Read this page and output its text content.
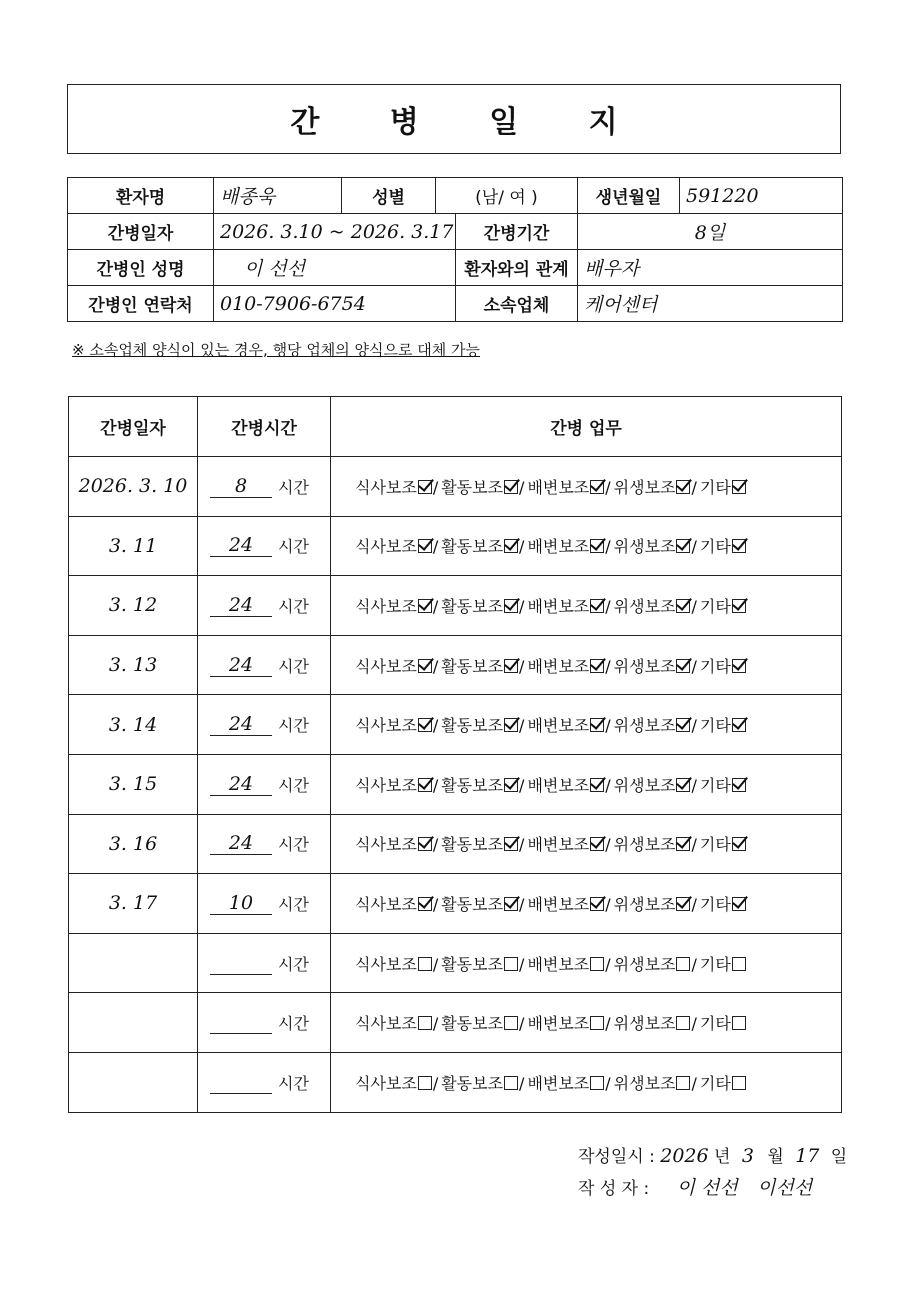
간 병 일 지
환자명	배종욱	성별	(남/ 여 )		생년월일	591220
간병일자	2026. 3.10 ~ 2026. 3.17			간병기간	8일	
간병인 성명	이 선선			환자와의 관계	배우자	
간병인 연락처	010-7906-6754			소속업체	케어센터	
※ 소속업체 양식이 있는 경우, 행당 업체의 양식으로 대체 가능
간병일자	간병시간	간병 업무
2026. 3. 10	8 시간	식사보조 / 활동보조 / 배변보조 / 위생보조 / 기타
3. 11	24 시간	식사보조 / 활동보조 / 배변보조 / 위생보조 / 기타
3. 12	24 시간	식사보조 / 활동보조 / 배변보조 / 위생보조 / 기타
3. 13	24 시간	식사보조 / 활동보조 / 배변보조 / 위생보조 / 기타
3. 14	24 시간	식사보조 / 활동보조 / 배변보조 / 위생보조 / 기타
3. 15	24 시간	식사보조 / 활동보조 / 배변보조 / 위생보조 / 기타
3. 16	24 시간	식사보조 / 활동보조 / 배변보조 / 위생보조 / 기타
3. 17	10 시간	식사보조 / 활동보조 / 배변보조 / 위생보조 / 기타
	시간	식사보조 / 활동보조 / 배변보조 / 위생보조 / 기타
	시간	식사보조 / 활동보조 / 배변보조 / 위생보조 / 기타
	시간	식사보조 / 활동보조 / 배변보조 / 위생보조 / 기타
작성일시 : 2026 년 3 월 17 일
작 성 자 : 이 선선 이선선
